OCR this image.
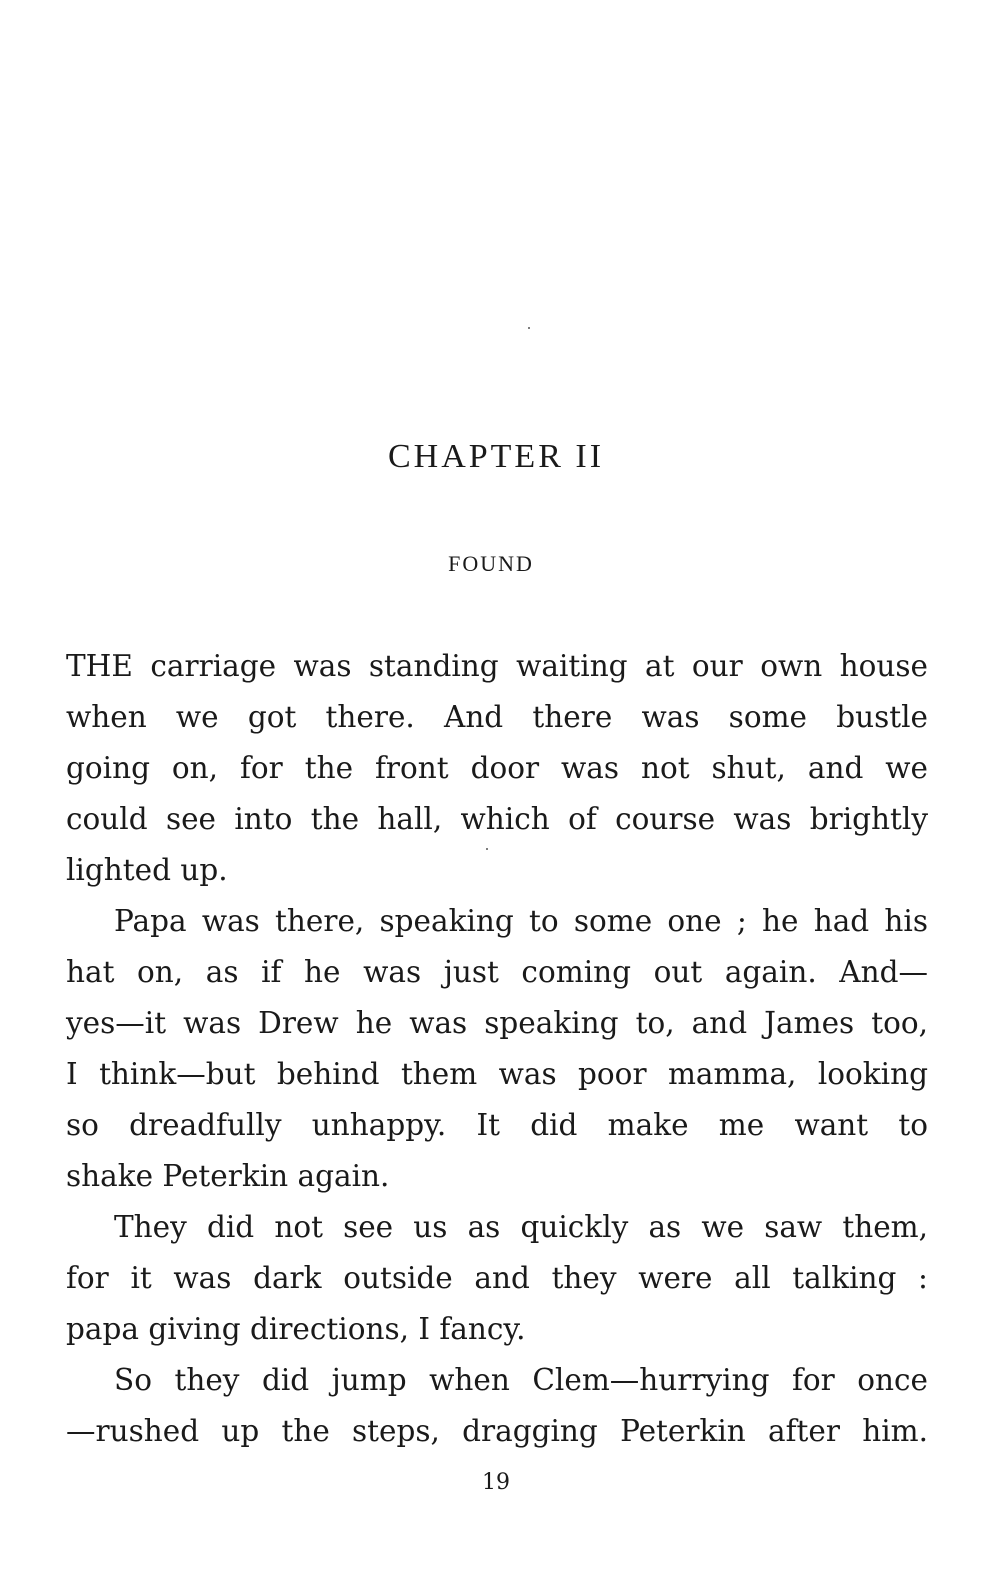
CHAPTER II
FOUND
THE carriage was standing waiting at our own house
when we got there. And there was some bustle
going on, for the front door was not shut, and we
could see into the hall, which of course was brightly
lighted up.
Papa was there, speaking to some one ; he had his
hat on, as if he was just coming out again. And—
yes—it was Drew he was speaking to, and James too,
I think—but behind them was poor mamma, looking
so dreadfully unhappy. It did make me want to
shake Peterkin again.
They did not see us as quickly as we saw them,
for it was dark outside and they were all talking :
papa giving directions, I fancy.
So they did jump when Clem—hurrying for once
—rushed up the steps, dragging Peterkin after him.
19
